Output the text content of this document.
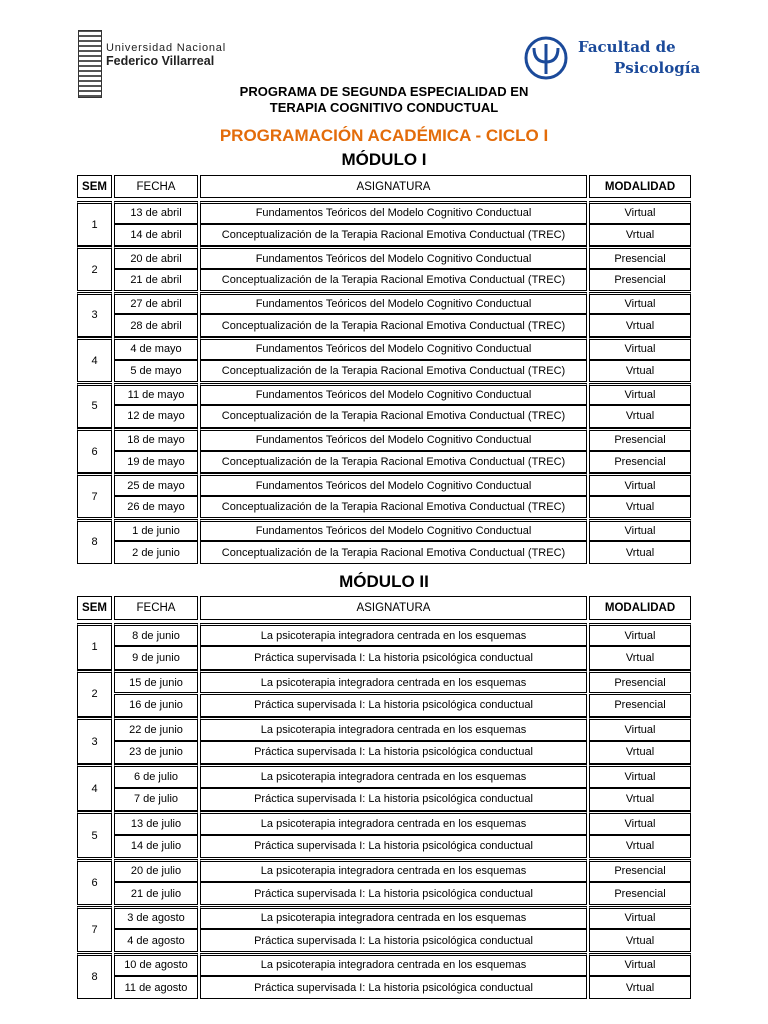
Universidad Nacional
Federico Villarreal
Facultad de
Psicología
PROGRAMA DE SEGUNDA ESPECIALIDAD EN
TERAPIA COGNITIVO CONDUCTUAL
PROGRAMACIÓN ACADÉMICA - CICLO I
MÓDULO I
SEM	FECHA	ASIGNATURA	MODALIDAD
1
13 de abril	Fundamentos Teóricos del Modelo Cognitivo Conductual	Virtual
14 de abril	Conceptualización de la Terapia Racional Emotiva Conductual (TREC)	Vrtual
2
20 de abril	Fundamentos Teóricos del Modelo Cognitivo Conductual	Presencial
21 de abril	Conceptualización de la Terapia Racional Emotiva Conductual (TREC)	Presencial
3
27 de abril	Fundamentos Teóricos del Modelo Cognitivo Conductual	Virtual
28 de abril	Conceptualización de la Terapia Racional Emotiva Conductual (TREC)	Vrtual
4
4 de mayo	Fundamentos Teóricos del Modelo Cognitivo Conductual	Virtual
5 de mayo	Conceptualización de la Terapia Racional Emotiva Conductual (TREC)	Vrtual
5
11 de mayo	Fundamentos Teóricos del Modelo Cognitivo Conductual	Virtual
12 de mayo	Conceptualización de la Terapia Racional Emotiva Conductual (TREC)	Vrtual
6
18 de mayo	Fundamentos Teóricos del Modelo Cognitivo Conductual	Presencial
19 de mayo	Conceptualización de la Terapia Racional Emotiva Conductual (TREC)	Presencial
7
25 de mayo	Fundamentos Teóricos del Modelo Cognitivo Conductual	Virtual
26 de mayo	Conceptualización de la Terapia Racional Emotiva Conductual (TREC)	Vrtual
8
1 de junio	Fundamentos Teóricos del Modelo Cognitivo Conductual	Virtual
2 de junio	Conceptualización de la Terapia Racional Emotiva Conductual (TREC)	Vrtual
MÓDULO II
SEM	FECHA	ASIGNATURA	MODALIDAD
1
8 de junio	La psicoterapia integradora centrada en los esquemas	Virtual
9 de junio	Práctica supervisada I: La historia psicológica conductual	Vrtual
2
15 de junio	La psicoterapia integradora centrada en los esquemas	Presencial
16 de junio	Práctica supervisada I: La historia psicológica conductual	Presencial
3
22 de junio	La psicoterapia integradora centrada en los esquemas	Virtual
23 de junio	Práctica supervisada I: La historia psicológica conductual	Vrtual
4
6 de julio	La psicoterapia integradora centrada en los esquemas	Virtual
7 de julio	Práctica supervisada I: La historia psicológica conductual	Vrtual
5
13 de julio	La psicoterapia integradora centrada en los esquemas	Virtual
14 de julio	Práctica supervisada I: La historia psicológica conductual	Vrtual
6
20 de julio	La psicoterapia integradora centrada en los esquemas	Presencial
21 de julio	Práctica supervisada I: La historia psicológica conductual	Presencial
7
3 de agosto	La psicoterapia integradora centrada en los esquemas	Virtual
4 de agosto	Práctica supervisada I: La historia psicológica conductual	Vrtual
8
10 de agosto	La psicoterapia integradora centrada en los esquemas	Virtual
11 de agosto	Práctica supervisada I: La historia psicológica conductual	Vrtual
